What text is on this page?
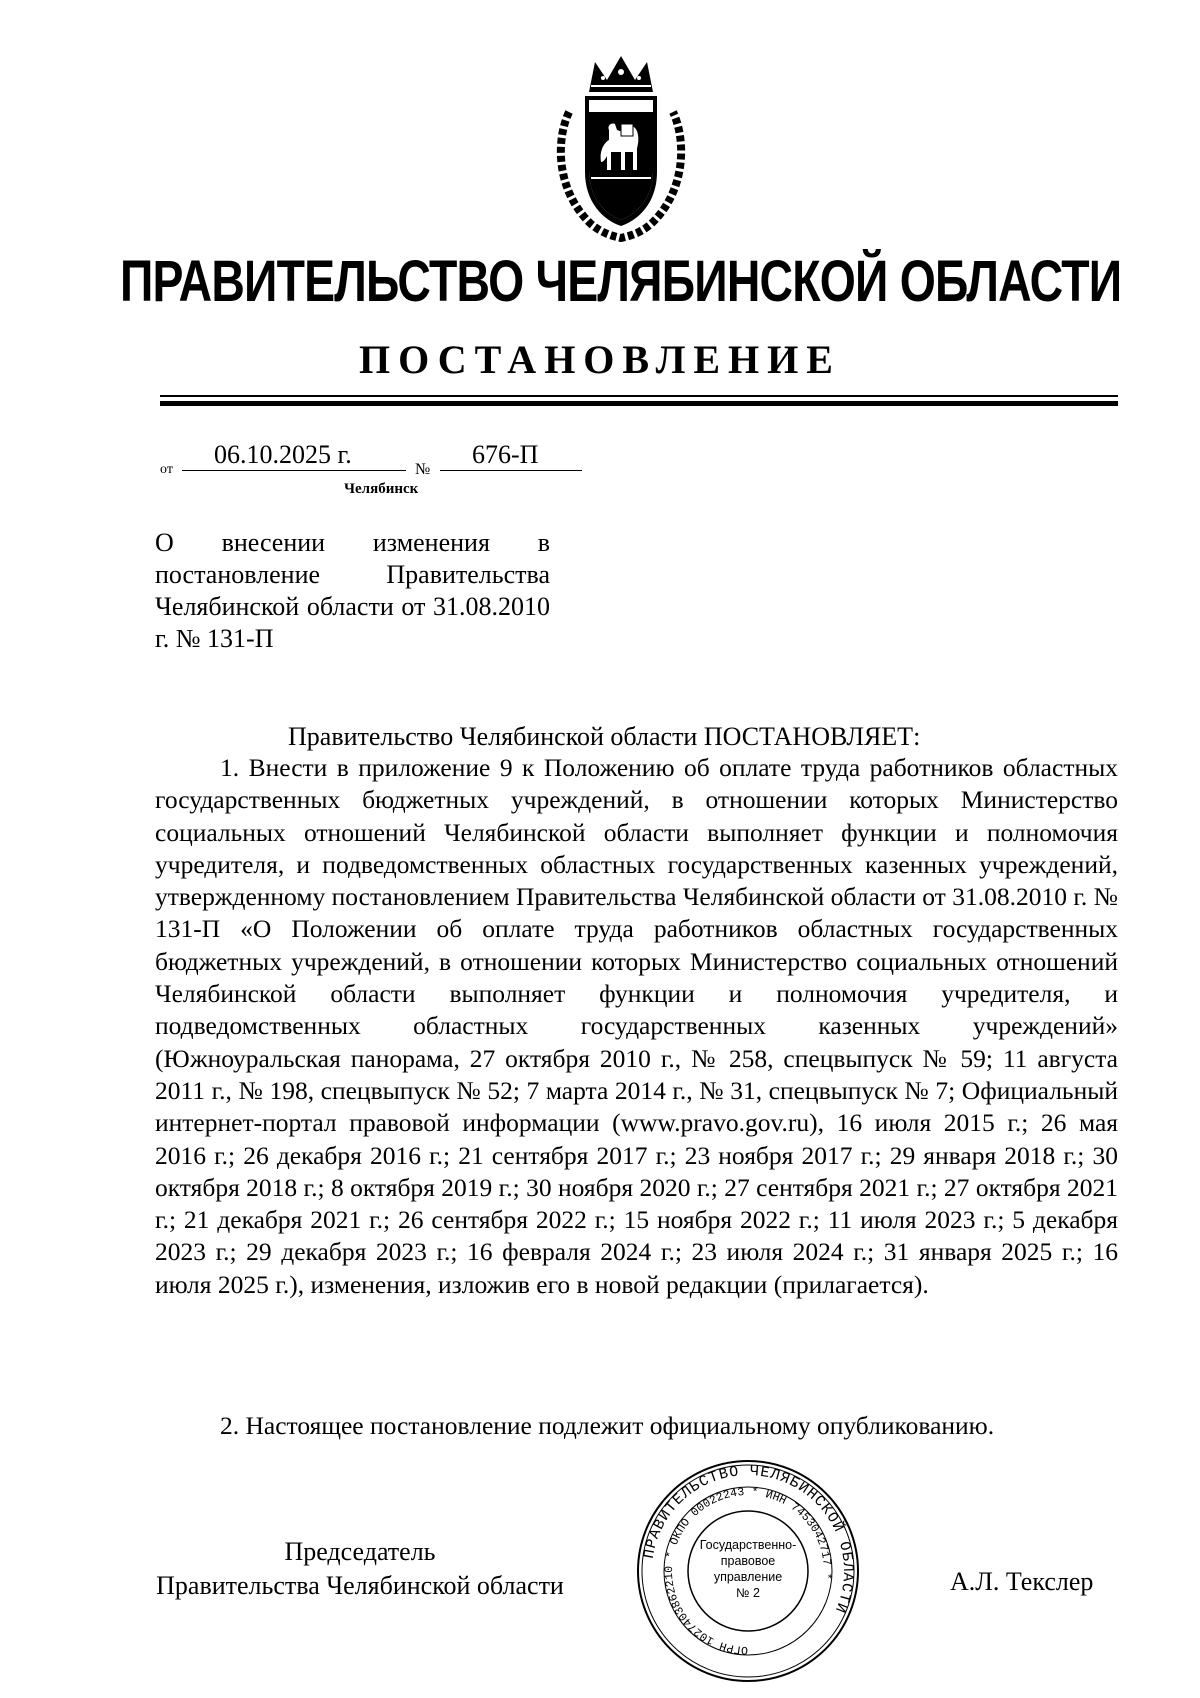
ПРАВИТЕЛЬСТВО ЧЕЛЯБИНСКОЙ ОБЛАСТИ
ПОСТАНОВЛЕНИЕ
от
06.10.2025 г.
№
676-П
Челябинск
О внесении изменения в постановление Правительства Челябинской области от 31.08.2010 г. № 131-П
Правительство Челябинской области ПОСТАНОВЛЯЕТ:
1. Внести в приложение 9 к Положению об оплате труда работников областных государственных бюджетных учреждений, в отношении которых Министерство социальных отношений Челябинской области выполняет функции и полномочия учредителя, и подведомственных областных государственных казенных учреждений, утвержденному постановлением Правительства Челябинской области от 31.08.2010 г. № 131-П «О Положении об оплате труда работников областных государственных бюджетных учреждений, в отношении которых Министерство социальных отношений Челябинской области выполняет функции и полномочия учредителя, и подведомственных областных государственных казенных учреждений» (Южноуральская панорама, 27 октября 2010 г., № 258, спецвыпуск № 59; 11 августа 2011 г., № 198, спецвыпуск № 52; 7 марта 2014 г., № 31, спецвыпуск № 7; Официальный интернет-портал правовой информации (www.pravo.gov.ru), 16 июля 2015 г.; 26 мая 2016 г.; 26 декабря 2016 г.; 21 сентября 2017 г.; 23 ноября 2017 г.; 29 января 2018 г.; 30 октября 2018 г.; 8 октября 2019 г.; 30 ноября 2020 г.; 27 сентября 2021 г.; 27 октября 2021 г.; 21 декабря 2021 г.; 26 сентября 2022 г.; 15 ноября 2022 г.; 11 июля 2023 г.; 5 декабря 2023 г.; 29 декабря 2023 г.; 16 февраля 2024 г.; 23 июля 2024 г.; 31 января 2025 г.; 16 июля 2025 г.), изменения, изложив его в новой редакции (прилагается).
2. Настоящее постановление подлежит официальному опубликованию.
Председатель
Правительства Челябинской области
ПРАВИТЕЛЬСТВО ЧЕЛЯБИНСКОЙ ОБЛАСТИ
ОГРН 1027403862210 * ОКПО 00022243 * ИНН 7453042717 *
Государственно-
правовое
управление
№ 2	А.Л. Текслер
